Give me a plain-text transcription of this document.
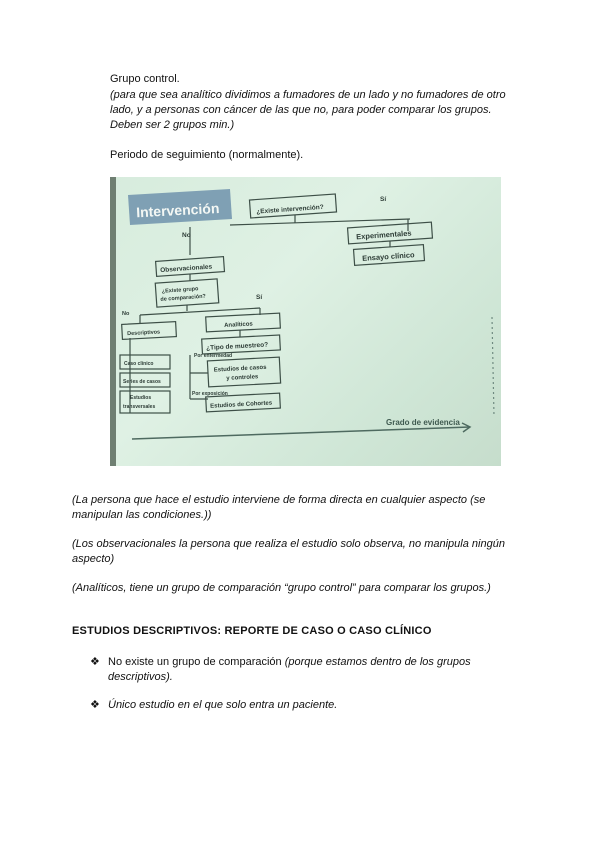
Grupo control.

(para que sea analítico dividimos a fumadores de un lado y no fumadores de otro

lado, y a personas con cáncer de las que no, para poder comparar los grupos.

Deben ser 2 grupos min.)

Periodo de seguimiento (normalmente).

Intervención	¿Existe intervención?
Sí
No	Experimentales
Ensayo clínico
Observacionales
¿Existe grupo
de comparación?	Sí
No
Descriptivos
Analíticos
¿Tipo de muestreo?
Por enfermedad
Estudios de casos
y controles
Por exposición
Estudios de Cohortes
Caso clínico
Series de casos
Estudios
transversales
Grado de evidencia

(La persona que hace el estudio interviene de forma directa en cualquier aspecto (se

manipulan las condiciones.))

(Los observacionales la persona que realiza el estudio solo observa, no manipula ningún

aspecto)

(Analíticos, tiene un grupo de comparación “grupo control” para comparar los grupos.)

ESTUDIOS DESCRIPTIVOS: REPORTE DE CASO O CASO CLÍNICO
❖ No existe un grupo de comparación (porque estamos dentro de los grupos
descriptivos).
❖ Único estudio en el que solo entra un paciente.
